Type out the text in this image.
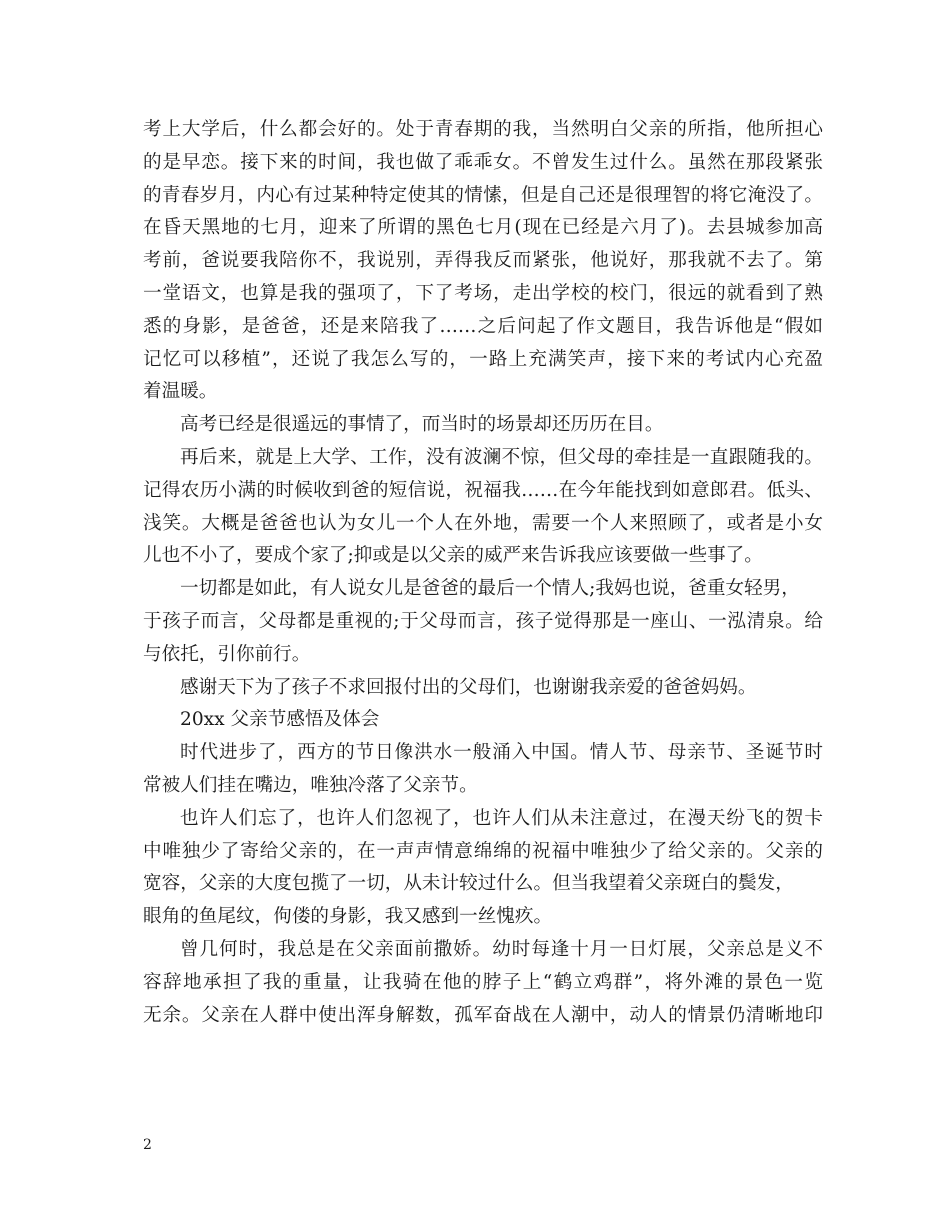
考上大学后，什么都会好的。处于青春期的我，当然明白父亲的所指，他所担心
的是早恋。接下来的时间，我也做了乖乖女。不曾发生过什么。虽然在那段紧张
的青春岁月，内心有过某种特定使其的情愫，但是自己还是很理智的将它淹没了。
在昏天黑地的七月，迎来了所谓的黑色七月(现在已经是六月了)。去县城参加高
考前，爸说要我陪你不，我说别，弄得我反而紧张，他说好，那我就不去了。第
一堂语文，也算是我的强项了，下了考场，走出学校的校门，很远的就看到了熟
悉的身影，是爸爸，还是来陪我了……之后问起了作文题目，我告诉他是“假如
记忆可以移植”，还说了我怎么写的，一路上充满笑声，接下来的考试内心充盈
着温暖。
高考已经是很遥远的事情了，而当时的场景却还历历在目。
再后来，就是上大学、工作，没有波澜不惊，但父母的牵挂是一直跟随我的。
记得农历小满的时候收到爸的短信说，祝福我……在今年能找到如意郎君。低头、
浅笑。大概是爸爸也认为女儿一个人在外地，需要一个人来照顾了，或者是小女
儿也不小了，要成个家了;抑或是以父亲的威严来告诉我应该要做一些事了。
一切都是如此，有人说女儿是爸爸的最后一个情人;我妈也说，爸重女轻男，
于孩子而言，父母都是重视的;于父母而言，孩子觉得那是一座山、一泓清泉。给
与依托，引你前行。
感谢天下为了孩子不求回报付出的父母们，也谢谢我亲爱的爸爸妈妈。
20xx 父亲节感悟及体会
时代进步了，西方的节日像洪水一般涌入中国。情人节、母亲节、圣诞节时
常被人们挂在嘴边，唯独冷落了父亲节。
也许人们忘了，也许人们忽视了，也许人们从未注意过，在漫天纷飞的贺卡
中唯独少了寄给父亲的，在一声声情意绵绵的祝福中唯独少了给父亲的。父亲的
宽容，父亲的大度包揽了一切，从未计较过什么。但当我望着父亲斑白的鬓发，
眼角的鱼尾纹，佝偻的身影，我又感到一丝愧疚。
曾几何时，我总是在父亲面前撒娇。幼时每逢十月一日灯展，父亲总是义不
容辞地承担了我的重量，让我骑在他的脖子上“鹤立鸡群”，将外滩的景色一览
无余。父亲在人群中使出浑身解数，孤军奋战在人潮中，动人的情景仍清晰地印
2
